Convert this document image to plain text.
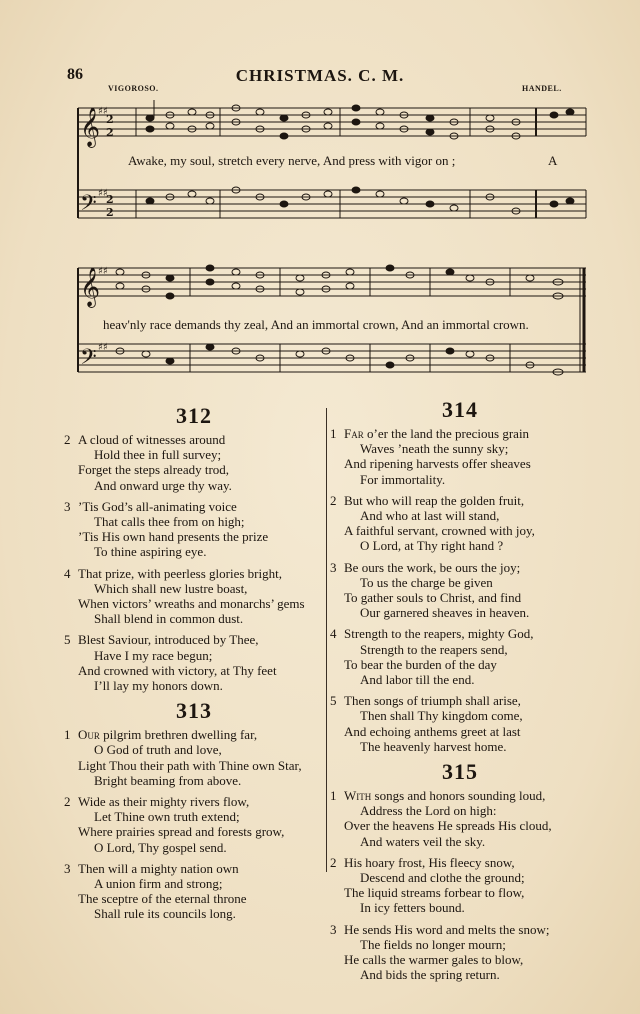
86	CHRISTMAS. C. M.
VIGOROSO.	HANDEL.
𝄞
𝄢
2
2
2
2
♯♯
♯♯
Awake, my soul, stretch every nerve, And press with vigor on ;	A
𝄞
𝄢
♯♯
♯♯
heav'nly race demands thy zeal, And an immortal crown, And an immortal crown.
312
2 A cloud of witnesses around
Hold thee in full survey;
Forget the steps already trod,
And onward urge thy way.
3 ’Tis God’s all-animating voice
That calls thee from on high;
’Tis His own hand presents the prize
To thine aspiring eye.
4 That prize, with peerless glories bright,
Which shall new lustre boast,
When victors’ wreaths and monarchs’ gems
Shall blend in common dust.
5 Blest Saviour, introduced by Thee,
Have I my race begun;
And crowned with victory, at Thy feet
I’ll lay my honors down.
313
1 Our pilgrim brethren dwelling far,
O God of truth and love,
Light Thou their path with Thine own Star,
Bright beaming from above.
2 Wide as their mighty rivers flow,
Let Thine own truth extend;
Where prairies spread and forests grow,
O Lord, Thy gospel send.
3 Then will a mighty nation own
A union firm and strong;
The sceptre of the eternal throne
Shall rule its councils long.
314
1 Far o’er the land the precious grain
Waves ’neath the sunny sky;
And ripening harvests offer sheaves
For immortality.
2 But who will reap the golden fruit,
And who at last will stand,
A faithful servant, crowned with joy,
O Lord, at Thy right hand ?
3 Be ours the work, be ours the joy;
To us the charge be given
To gather souls to Christ, and find
Our garnered sheaves in heaven.
4 Strength to the reapers, mighty God,
Strength to the reapers send,
To bear the burden of the day
And labor till the end.
5 Then songs of triumph shall arise,
Then shall Thy kingdom come,
And echoing anthems greet at last
The heavenly harvest home.
315
1 With songs and honors sounding loud,
Address the Lord on high:
Over the heavens He spreads His cloud,
And waters veil the sky.
2 His hoary frost, His fleecy snow,
Descend and clothe the ground;
The liquid streams forbear to flow,
In icy fetters bound.
3 He sends His word and melts the snow;
The fields no longer mourn;
He calls the warmer gales to blow,
And bids the spring return.
